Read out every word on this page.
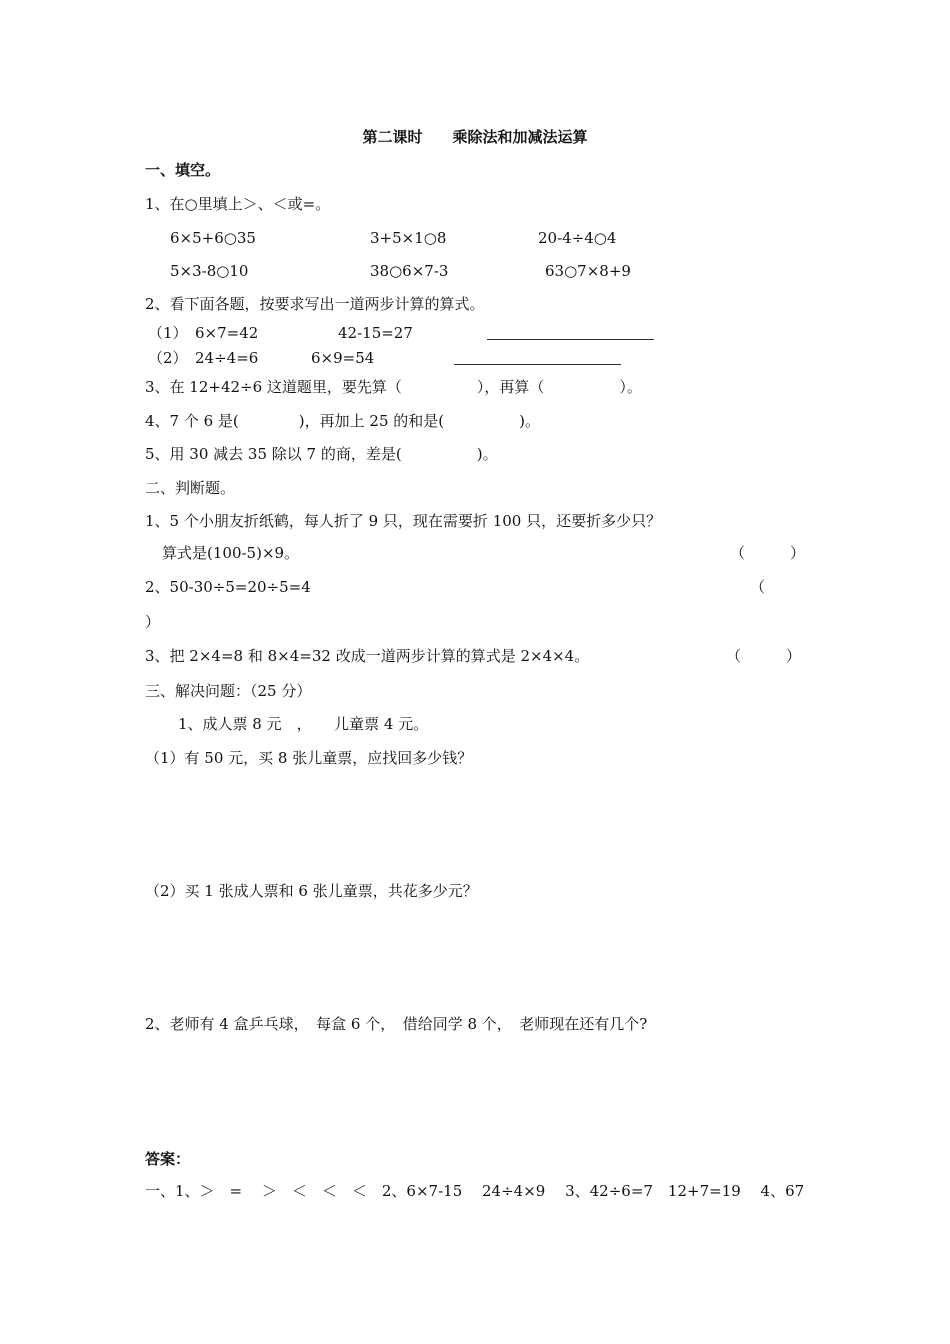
第二课时　　乘除法和加减法运算
一、填空。
1、在○里填上＞、＜或=。
6×5+6○35	3+5×1○8	20-4÷4○4
5×3-8○10	38○6×7-3	63○7×8+9
2、看下面各题，按要求写出一道两步计算的算式。
（1） 6×7=42	42-15=27
（2） 24÷4=6	6×9=54
3、在 12+42÷6 这道题里，要先算（　　　　　），再算（　　　　　）。
4、7 个 6 是(　　　　)，再加上 25 的和是(　　　　　)。
5、用 30 减去 35 除以 7 的商，差是(　　　　　)。
二、判断题。
1、5 个小朋友折纸鹤，每人折了 9 只，现在需要折 100 只，还要折多少只？
算式是(100-5)×9。	（　　　）
2、50-30÷5=20÷5=4	（
）
3、把 2×4=8 和 8×4=32 改成一道两步计算的算式是 2×4×4。	（　　　）
三、解决问题：（25 分）
1、成人票 8 元　，　　儿童票 4 元。
（1）有 50 元，买 8 张儿童票，应找回多少钱？
（2）买 1 张成人票和 6 张儿童票，共花多少元？
2、老师有 4 盒乒乓球，　每盒 6 个，　借给同学 8 个，　老师现在还有几个?
答案：
一、1、＞　=　 ＞　＜　＜　＜　2、6×7-15　 24÷4×9　 3、42÷6=7　12+7=19　 4、67
